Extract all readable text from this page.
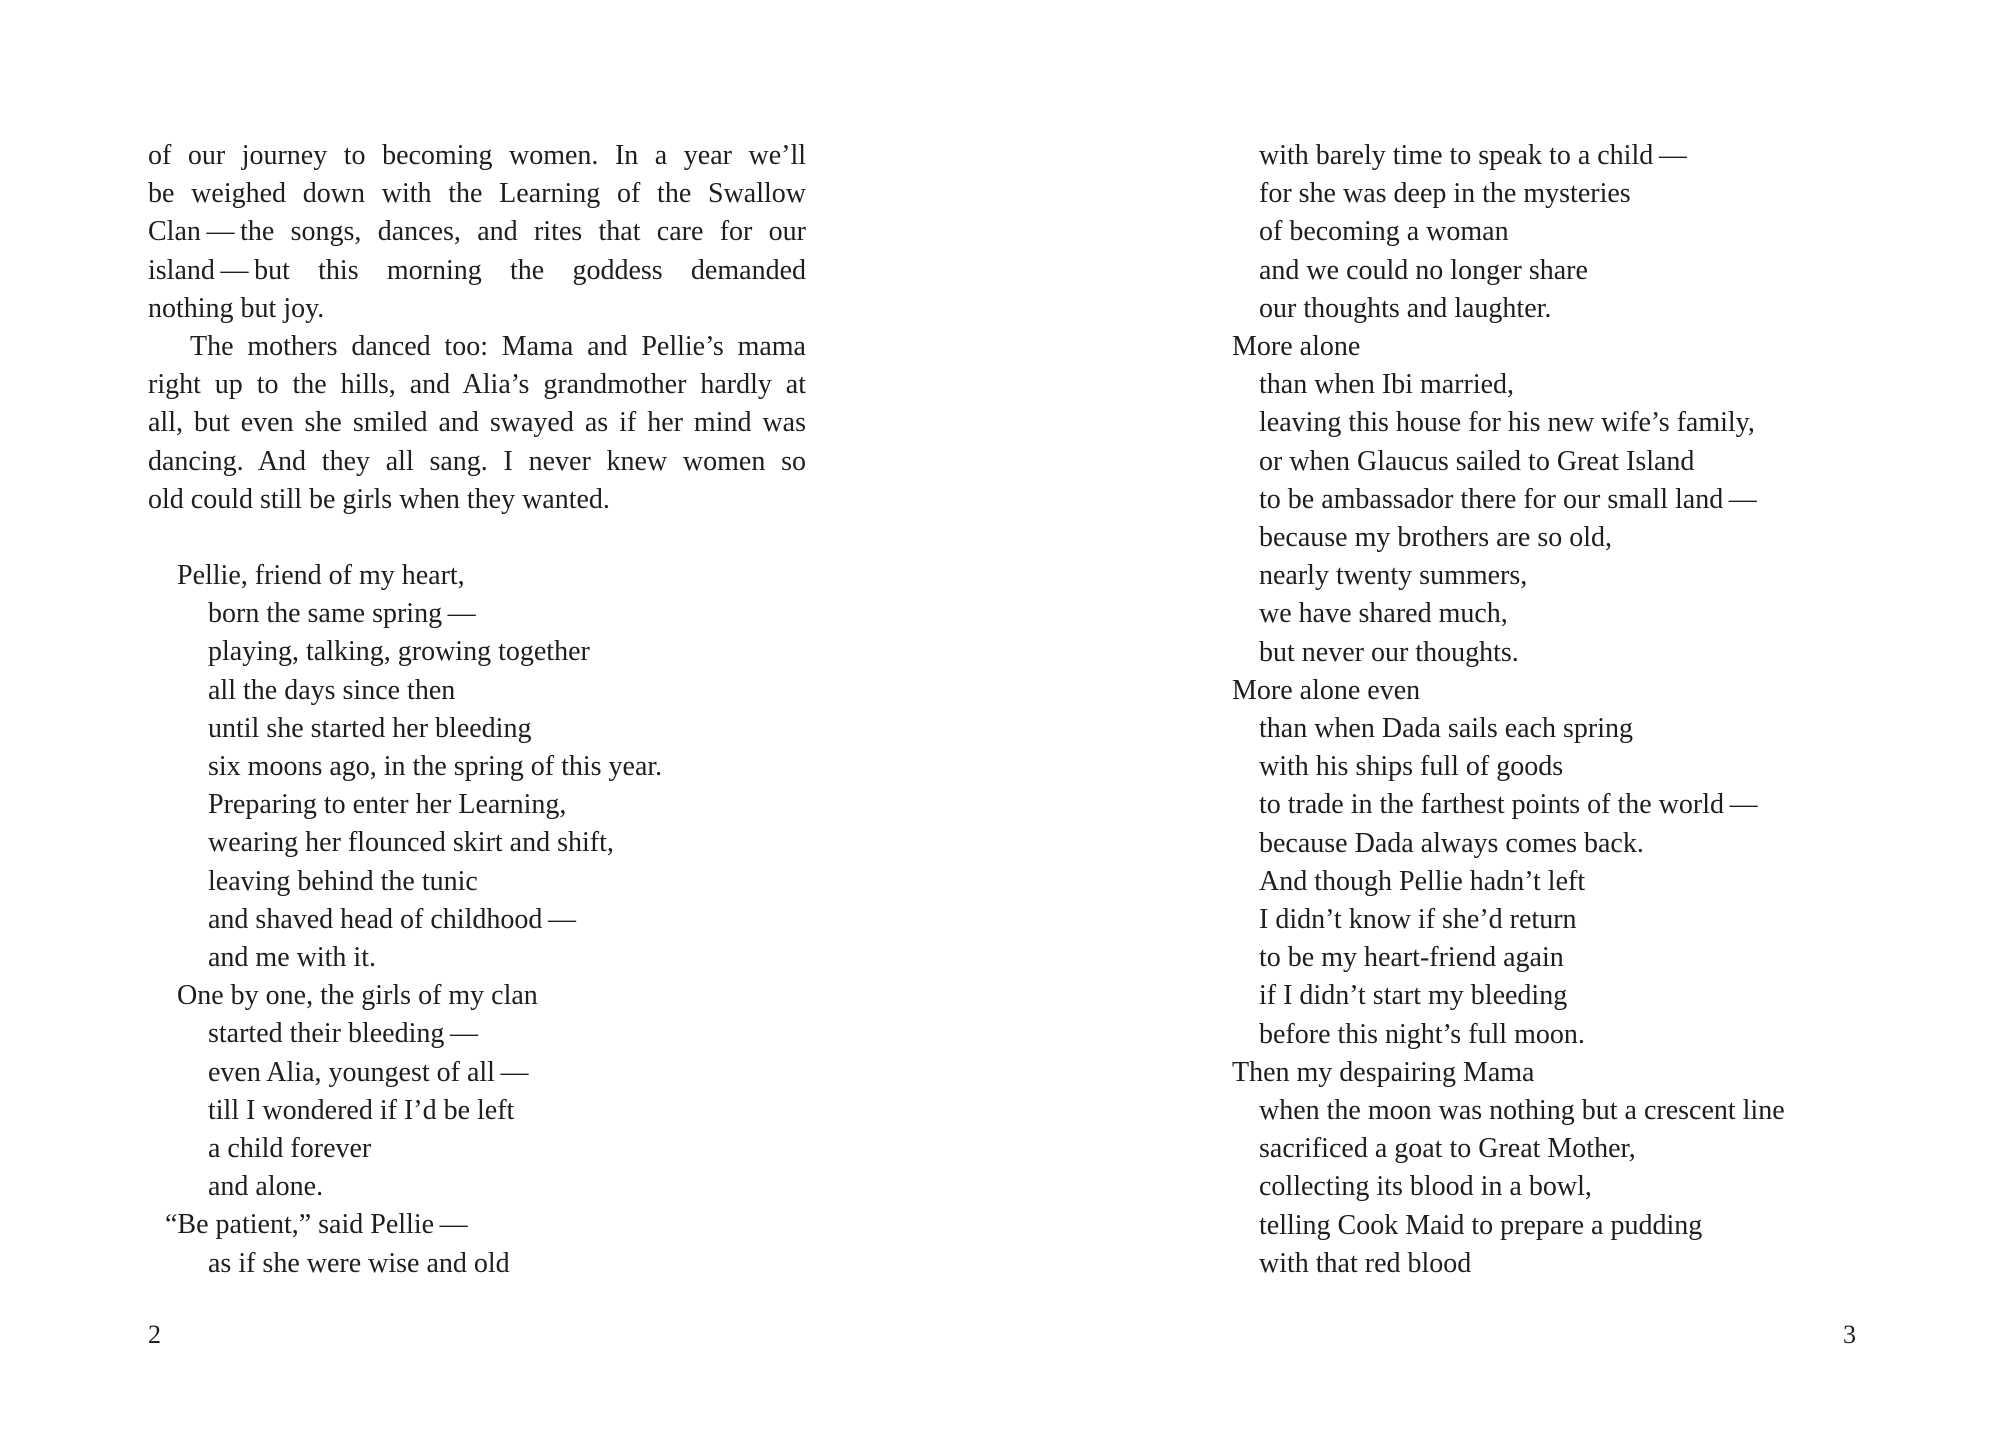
of our journey to becoming women. In a year we’ll
be weighed down with the Learning of the Swallow
Clan — the songs, dances, and rites that care for our
island — but this morning the goddess demanded
nothing but joy.
The mothers danced too: Mama and Pellie’s mama
right up to the hills, and Alia’s grandmother hardly at
all, but even she smiled and swayed as if her mind was
dancing. And they all sang. I never knew women so
old could still be girls when they wanted.
Pellie, friend of my heart,
born the same spring —
playing, talking, growing together
all the days since then
until she started her bleeding
six moons ago, in the spring of this year.
Preparing to enter her Learning,
wearing her flounced skirt and shift,
leaving behind the tunic
and shaved head of childhood —
and me with it.
One by one, the girls of my clan
started their bleeding —
even Alia, youngest of all —
till I wondered if I’d be left
a child forever
and alone.
“Be patient,” said Pellie —
as if she were wise and old
2
with barely time to speak to a child —
for she was deep in the mysteries
of becoming a woman
and we could no longer share
our thoughts and laughter.
More alone
than when Ibi married,
leaving this house for his new wife’s family,
or when Glaucus sailed to Great Island
to be ambassador there for our small land —
because my brothers are so old,
nearly twenty summers,
we have shared much,
but never our thoughts.
More alone even
than when Dada sails each spring
with his ships full of goods
to trade in the farthest points of the world —
because Dada always comes back.
And though Pellie hadn’t left
I didn’t know if she’d return
to be my heart-friend again
if I didn’t start my bleeding
before this night’s full moon.
Then my despairing Mama
when the moon was nothing but a crescent line
sacrificed a goat to Great Mother,
collecting its blood in a bowl,
telling Cook Maid to prepare a pudding
with that red blood
3
